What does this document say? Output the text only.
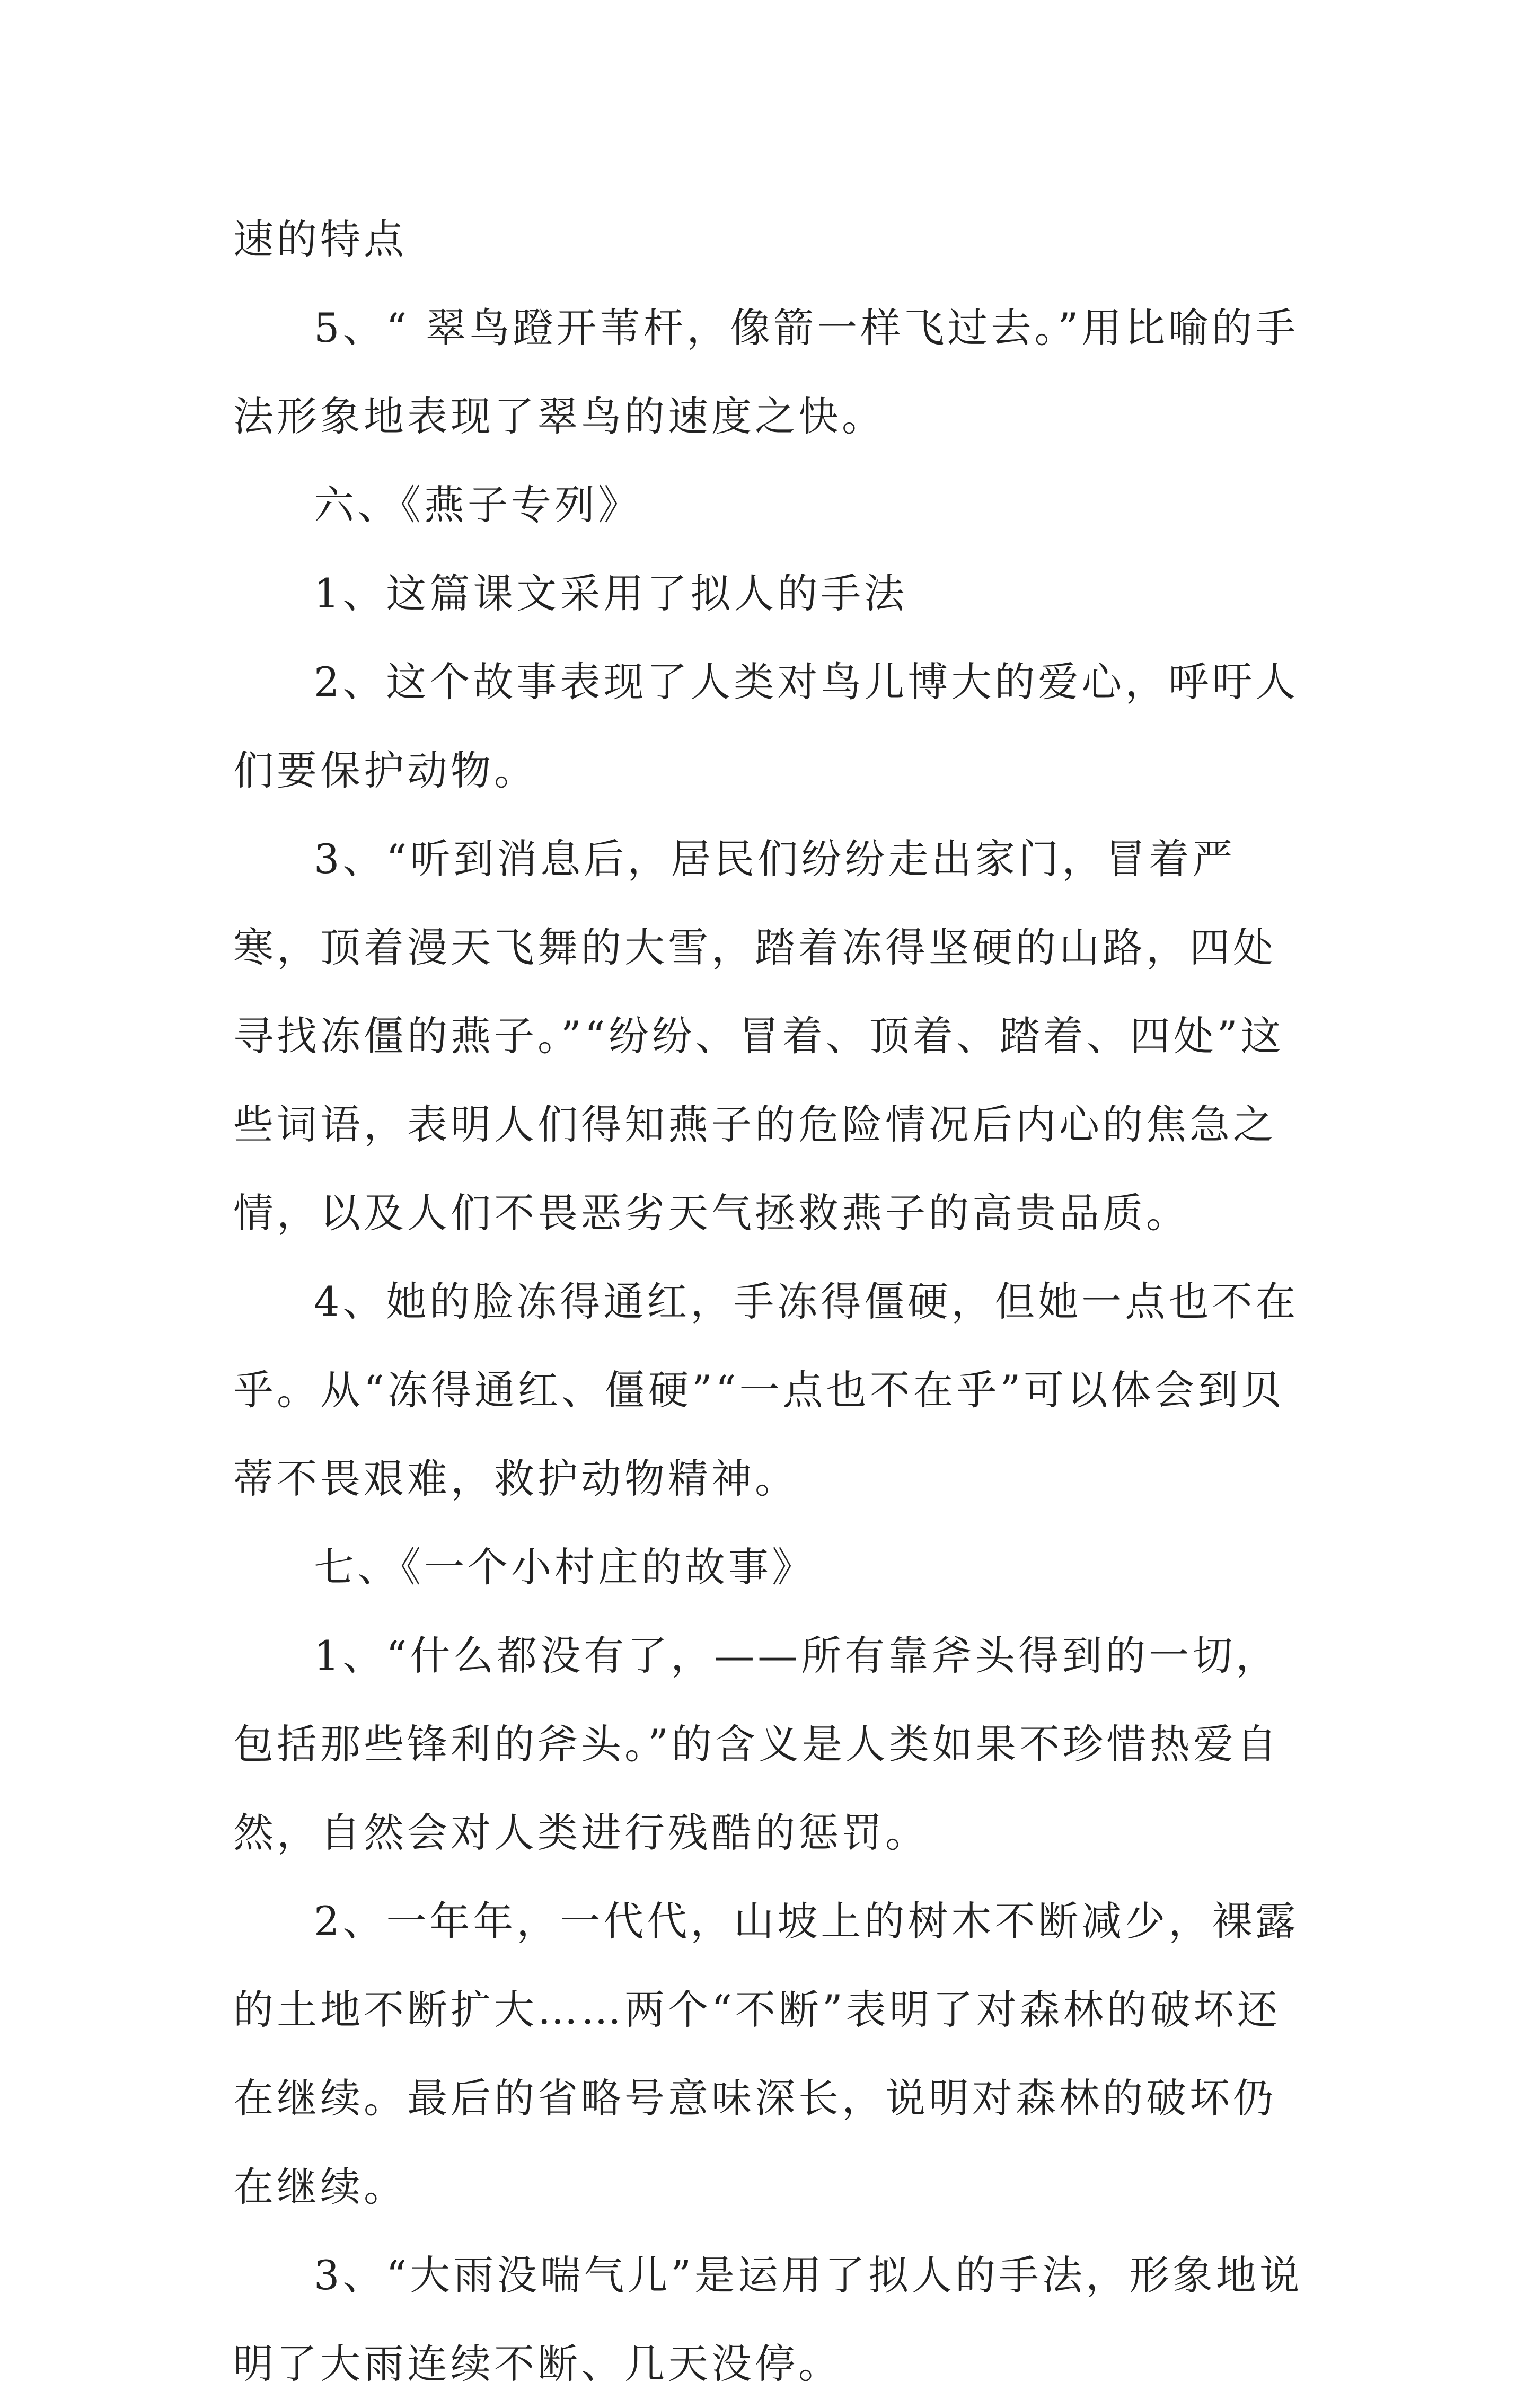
速的特点

5、“ 翠鸟蹬开苇杆，像箭一样飞过去。”用比喻的手法形象地表现了翠鸟的速度之快。

六、《燕子专列》

1、这篇课文采用了拟人的手法

2、这个故事表现了人类对鸟儿博大的爱心，呼吁人们要保护动物。

3、“听到消息后，居民们纷纷走出家门，冒着严寒，顶着漫天飞舞的大雪，踏着冻得坚硬的山路，四处寻找冻僵的燕子。”“纷纷、冒着、顶着、踏着、四处”这些词语，表明人们得知燕子的危险情况后内心的焦急之情，以及人们不畏恶劣天气拯救燕子的高贵品质。

4、她的脸冻得通红，手冻得僵硬，但她一点也不在乎。从“冻得通红、僵硬”“一点也不在乎”可以体会到贝蒂不畏艰难，救护动物精神。

七、《一个小村庄的故事》

1、“什么都没有了，——所有靠斧头得到的一切，包括那些锋利的斧头。”的含义是人类如果不珍惜热爱自然，自然会对人类进行残酷的惩罚。

2、一年年，一代代，山坡上的树木不断减少，裸露的土地不断扩大……两个“不断”表明了对森林的破坏还在继续。最后的省略号意味深长，说明对森林的破坏仍在继续。

3、“大雨没喘气儿”是运用了拟人的手法，形象地说明了大雨连续不断、几天没停。
